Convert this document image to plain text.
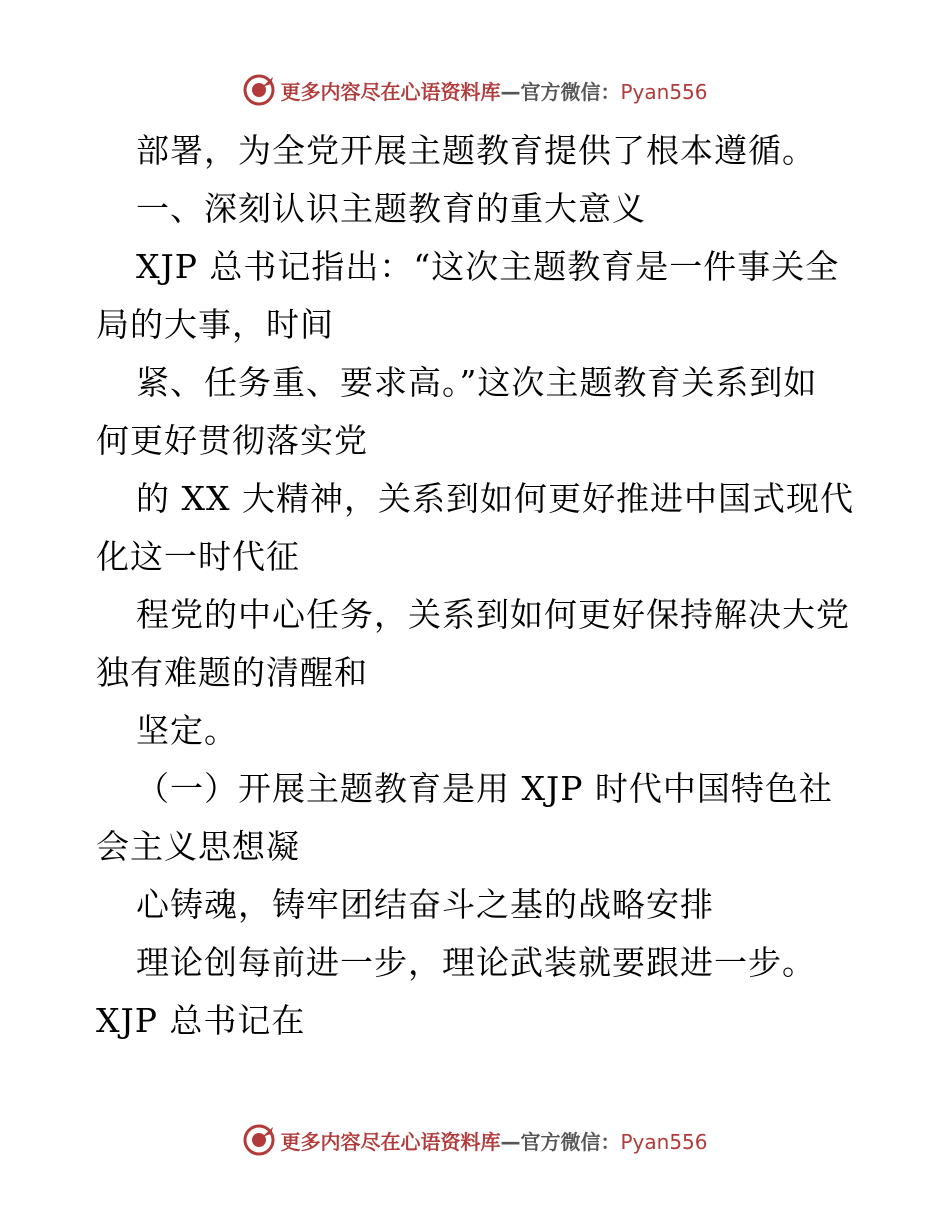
更多内容尽在心语资料库—官方微信：Pyan556
部署，为全党开展主题教育提供了根本遵循。
一、深刻认识主题教育的重大意义
XJP 总书记指出：“这次主题教育是一件事关全
局的大事，时间
紧、任务重、要求高。”这次主题教育关系到如
何更好贯彻落实党
的 XX 大精神，关系到如何更好推进中国式现代
化这一时代征
程党的中心任务，关系到如何更好保持解决大党
独有难题的清醒和
坚定。
（一）开展主题教育是用 XJP 时代中国特色社
会主义思想凝
心铸魂，铸牢团结奋斗之基的战略安排
理论创每前进一步，理论武装就要跟进一步。
XJP 总书记在
更多内容尽在心语资料库—官方微信：Pyan556
